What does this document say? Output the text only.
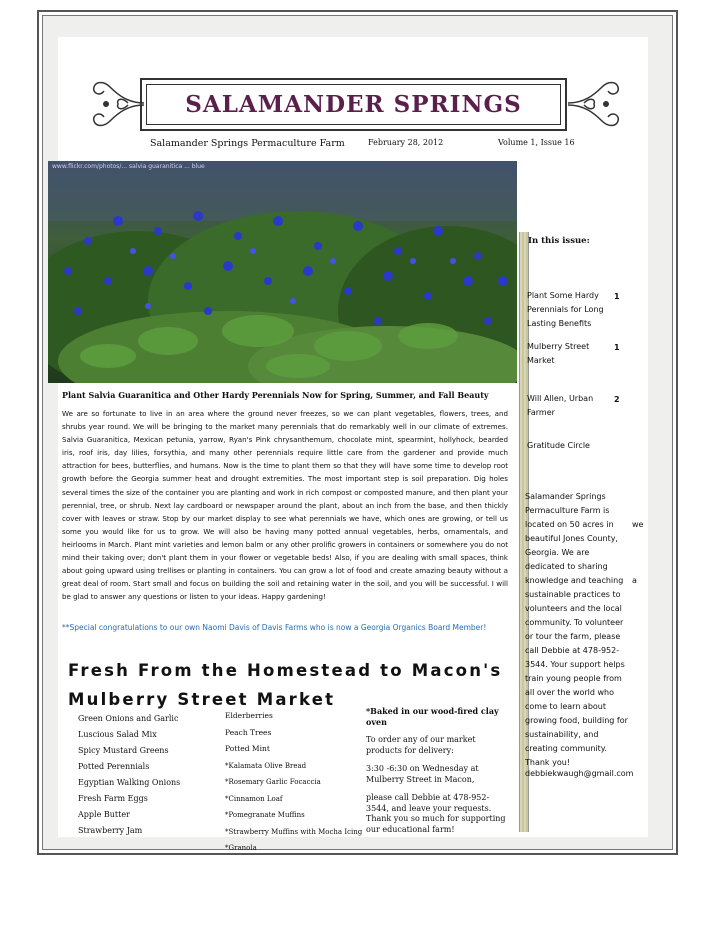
SALAMANDER SPRINGS
Salamander Springs Permaculture Farm	February 28, 2012	Volume 1, Issue 16
www.flickr.com/photos/... salvia guaranitica ... blue
In this issue:
Plant Some Hardy Perennials for Long Lasting Benefits
1
Mulberry Street Market
1
Will Allen, Urban Farmer
2
Gratitude Circle
Salamander Springs Permaculture Farm is located on 50 acres in beautiful Jones County, Georgia. We are dedicated to sharing knowledge and teaching sustainable practices to volunteers and the local community. To volunteer or tour the farm, please call Debbie at 478-952-3544. Your support helps train young people from all over the world who come to learn about growing food, building for sustainability, and creating community. Thank you!
we
a
debbiekwaugh@gmail.com
Plant Salvia Guaranitica and Other Hardy Perennials Now for Spring, Summer, and Fall Beauty
We are so fortunate to live in an area where the ground never freezes, so we can plant vegetables, flowers, trees, and shrubs year round. We will be bringing to the market many perennials that do remarkably well in our climate of extremes. Salvia Guaranitica, Mexican petunia, yarrow, Ryan's Pink chrysanthemum, chocolate mint, spearmint, hollyhock, bearded iris, roof iris, day lilies, forsythia, and many other perennials require little care from the gardener and provide much attraction for bees, butterflies, and humans. Now is the time to plant them so that they will have some time to develop root growth before the Georgia summer heat and drought extremities. The most important step is soil preparation. Dig holes several times the size of the container you are planting and work in rich compost or composted manure, and then plant your perennial, tree, or shrub. Next lay cardboard or newspaper around the plant, about an inch from the base, and then thickly cover with leaves or straw. Stop by our market display to see what perennials we have, which ones are growing, or tell us some you would like for us to grow. We will also be having many potted annual vegetables, herbs, ornamentals, and heirlooms in March. Plant mint varieties and lemon balm or any other prolific growers in containers or somewhere you do not mind their taking over; don't plant them in your flower or vegetable beds! Also, if you are dealing with small spaces, think about going upward using trellises or planting in containers. You can grow a lot of food and create amazing beauty without a great deal of room. Start small and focus on building the soil and retaining water in the soil, and you will be successful. I will be glad to answer any questions or listen to your ideas. Happy gardening!
**Special congratulations to our own Naomi Davis of Davis Farms who is now a Georgia Organics Board Member!
Fresh From the Homestead to Macon's Mulberry Street Market
Green Onions and Garlic
Luscious Salad Mix
Spicy Mustard Greens
Potted Perennials
Egyptian Walking Onions
Fresh Farm Eggs
Apple Butter
Strawberry Jam
Elderberries
Peach Trees
Potted Mint
*Kalamata Olive Bread
*Rosemary Garlic Focaccia
*Cinnamon Loaf
*Pomegranate Muffins
*Strawberry Muffins with Mocha Icing
*Granola

*Baked in our wood-fired clay oven

To order any of our market products for delivery:

3:30 -6:30 on Wednesday at Mulberry Street in Macon,

please call Debbie at 478-952-3544, and leave your requests. Thank you so much for supporting our educational farm!
